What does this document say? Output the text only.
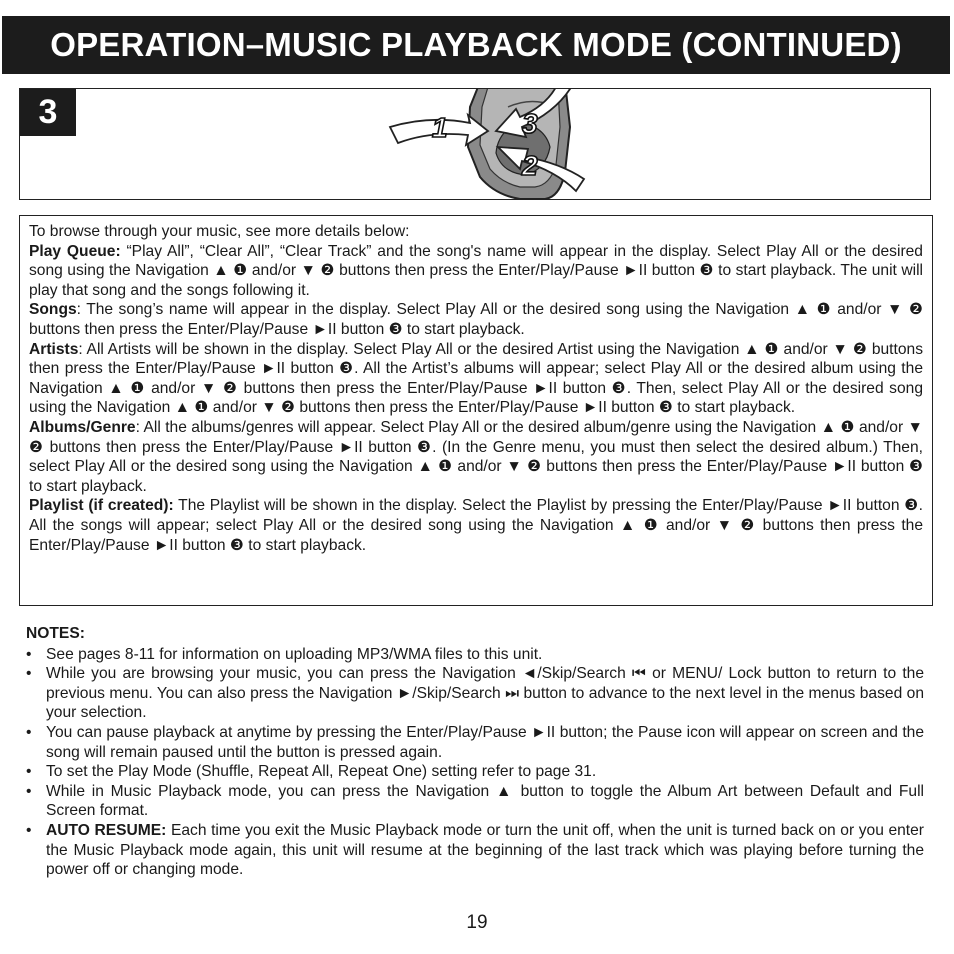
OPERATION–MUSIC PLAYBACK MODE (CONTINUED)
3	1	3
2

To browse through your music, see more details below:

Play Queue: “Play All”, “Clear All”, “Clear Track” and the song's name will appear in the display. Select Play All or the desired song using the Navigation ▲ ❶ and/or ▼ ❷ buttons then press the Enter/Play/Pause ►II button ❸ to start playback. The unit will play that song and the songs following it.

Songs: The song’s name will appear in the display. Select Play All or the desired song using the Navigation ▲ ❶ and/or ▼ ❷ buttons then press the Enter/Play/Pause ►II button ❸ to start playback.

Artists: All Artists will be shown in the display. Select Play All or the desired Artist using the Navigation ▲ ❶ and/or ▼ ❷ buttons then press the Enter/Play/Pause ►II button ❸. All the Artist’s albums will appear; select Play All or the desired album using the Navigation ▲ ❶ and/or ▼ ❷ buttons then press the Enter/Play/Pause ►II button ❸. Then, select Play All or the desired song using the Navigation ▲ ❶ and/or ▼ ❷ buttons then press the Enter/Play/Pause ►II button ❸ to start playback.

Albums/Genre: All the albums/genres will appear. Select Play All or the desired album/genre using the Navigation ▲ ❶ and/or ▼ ❷ buttons then press the Enter/Play/Pause ►II button ❸. (In the Genre menu, you must then select the desired album.) Then, select Play All or the desired song using the Navigation ▲ ❶ and/or ▼ ❷ buttons then press the Enter/Play/Pause ►II button ❸ to start playback.

Playlist (if created): The Playlist will be shown in the display. Select the Playlist by pressing the Enter/Play/Pause ►II button ❸. All the songs will appear; select Play All or the desired song using the Navigation ▲ ❶ and/or ▼ ❷ buttons then press the Enter/Play/Pause ►II button ❸ to start playback.

NOTES:

• See pages 8-11 for information on uploading MP3/WMA files to this unit.
• While you are browsing your music, you can press the Navigation ◄/Skip/Search ⏮ or MENU/ Lock button to return to the previous menu. You can also press the Navigation ►/Skip/Search ⏭ button to advance to the next level in the menus based on your selection.
• You can pause playback at anytime by pressing the Enter/Play/Pause ►II button; the Pause icon will appear on screen and the song will remain paused until the button is pressed again.
• To set the Play Mode (Shuffle, Repeat All, Repeat One) setting refer to page 31.
• While in Music Playback mode, you can press the Navigation ▲ button to toggle the Album Art between Default and Full Screen format.
• AUTO RESUME: Each time you exit the Music Playback mode or turn the unit off, when the unit is turned back on or you enter the Music Playback mode again, this unit will resume at the beginning of the last track which was playing before turning the power off or changing mode.
19
